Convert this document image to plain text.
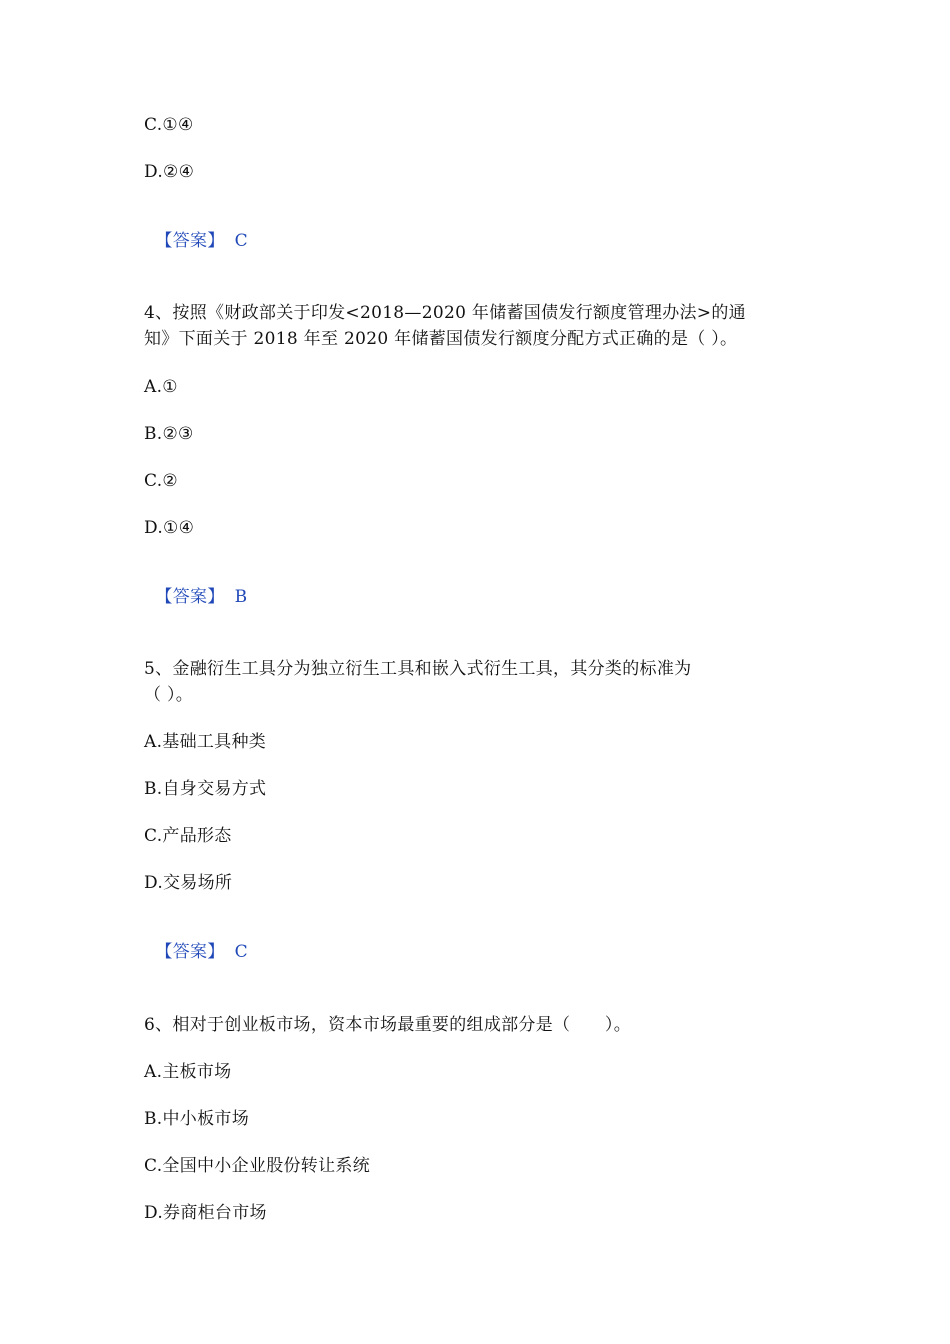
C.①④
D.②④

【答案】 C

4、按照《财政部关于印发<2018—2020 年储蓄国债发行额度管理办法>的通
知》下面关于 2018 年至 2020 年储蓄国债发行额度分配方式正确的是（ ）。
A.①
B.②③
C.②
D.①④

【答案】 B

5、金融衍生工具分为独立衍生工具和嵌入式衍生工具，其分类的标准为
（ ）。
A.基础工具种类
B.自身交易方式
C.产品形态
D.交易场所

【答案】 C

6、相对于创业板市场，资本市场最重要的组成部分是（　　）。
A.主板市场
B.中小板市场
C.全国中小企业股份转让系统
D.券商柜台市场
